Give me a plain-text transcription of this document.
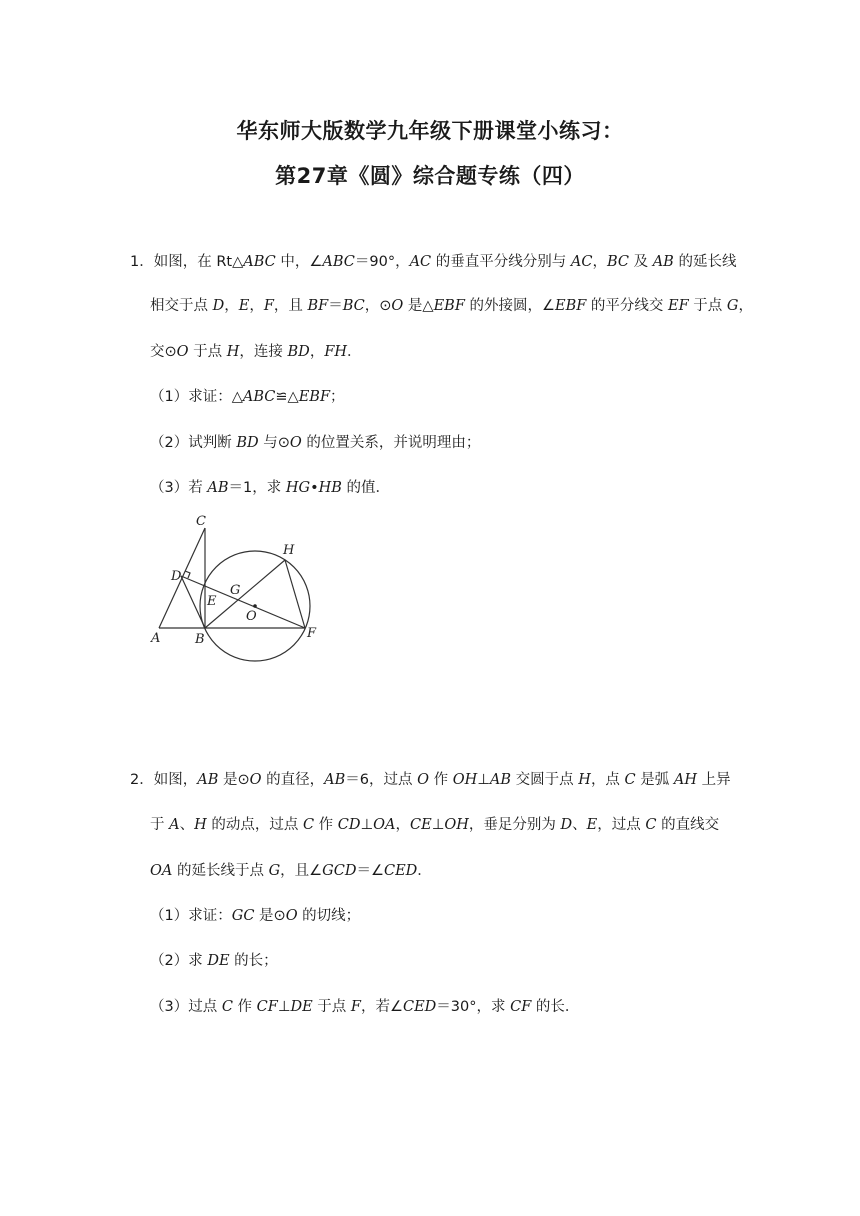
华东师大版数学九年级下册课堂小练习：
第27章《圆》综合题专练（四）
1．如图，在 Rt△ABC 中，∠ABC＝90°，AC 的垂直平分线分别与 AC，BC 及 AB 的延长线
相交于点 D，E，F，且 BF＝BC，⊙O 是△EBF 的外接圆，∠EBF 的平分线交 EF 于点 G，
交⊙O 于点 H，连接 BD，FH．
（1）求证：△ABC≌△EBF；
（2）试判断 BD 与⊙O 的位置关系，并说明理由；
（3）若 AB＝1，求 HG•HB 的值．
C
D
E
G
H
O
A	B	F
2．如图，AB 是⊙O 的直径，AB＝6，过点 O 作 OH⊥AB 交圆于点 H，点 C 是弧 AH 上异
于 A、H 的动点，过点 C 作 CD⊥OA，CE⊥OH，垂足分别为 D、E，过点 C 的直线交
OA 的延长线于点 G，且∠GCD＝∠CED．
（1）求证：GC 是⊙O 的切线；
（2）求 DE 的长；
（3）过点 C 作 CF⊥DE 于点 F，若∠CED＝30°，求 CF 的长．
